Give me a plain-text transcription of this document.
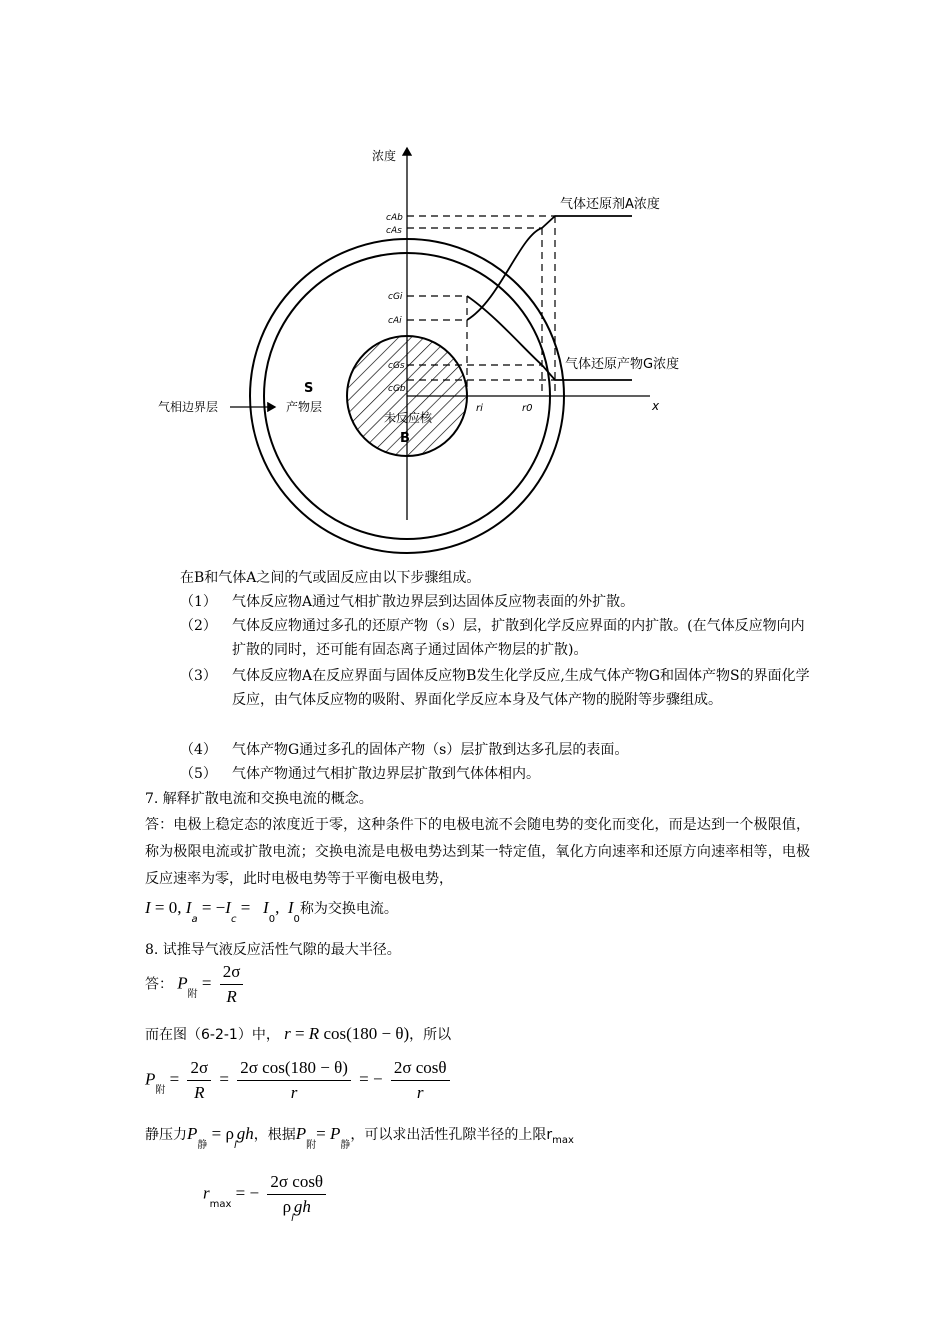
浓度
x
气体还原剂A浓度
气体还原产物G浓度
气相边界层
S
产物层
未反应核
B
cAb
cAs
cGi
cAi
cGs
cGb
ri	r0
在B和气体A之间的气或固反应由以下步骤组成。
（1）	气体反应物A通过气相扩散边界层到达固体反应物表面的外扩散。
（2）	气体反应物通过多孔的还原产物（s）层，扩散到化学反应界面的内扩散。(在气体反应物向内扩散的同时，还可能有固态离子通过固体产物层的扩散)。
（3）	气体反应物A在反应界面与固体反应物B发生化学反应,生成气体产物G和固体产物S的界面化学反应，由气体反应物的吸附、界面化学反应本身及气体产物的脱附等步骤组成。
（4）	气体产物G通过多孔的固体产物（s）层扩散到达多孔层的表面。
（5）	气体产物通过气相扩散边界层扩散到气体体相内。
7. 解释扩散电流和交换电流的概念。
答：电极上稳定态的浓度近于零，这种条件下的电极电流不会随电势的变化而变化，而是达到一个极限值，称为极限电流或扩散电流；交换电流是电极电势达到某一特定值，氧化方向速率和还原方向速率相等，电极反应速率为零，此时电极电势等于平衡电极电势，
I = 0, $I_a = -I_c = I_0$,  $I_0$称为交换电流。
8. 试推导气液反应活性气隙的最大半径。
答： $P_附 = \frac{2\sigma}{R}$
而在图（6-2-1）中， r = R cos(180 − θ)，所以
$P_附 = \frac{2\sigma}{R} = \frac{\text{2σ cos(180 − θ)}}{r}$ = − $\frac{\text{2σ cosθ}}{r}$
静压力$P_静 = \rho_lgh$，根据$P_附= P_静$，可以求出活性孔隙半径的上限$r_{max}$
$r_{max}$ = − $\frac{\text{2σ cosθ}}{\rho_lgh}$
